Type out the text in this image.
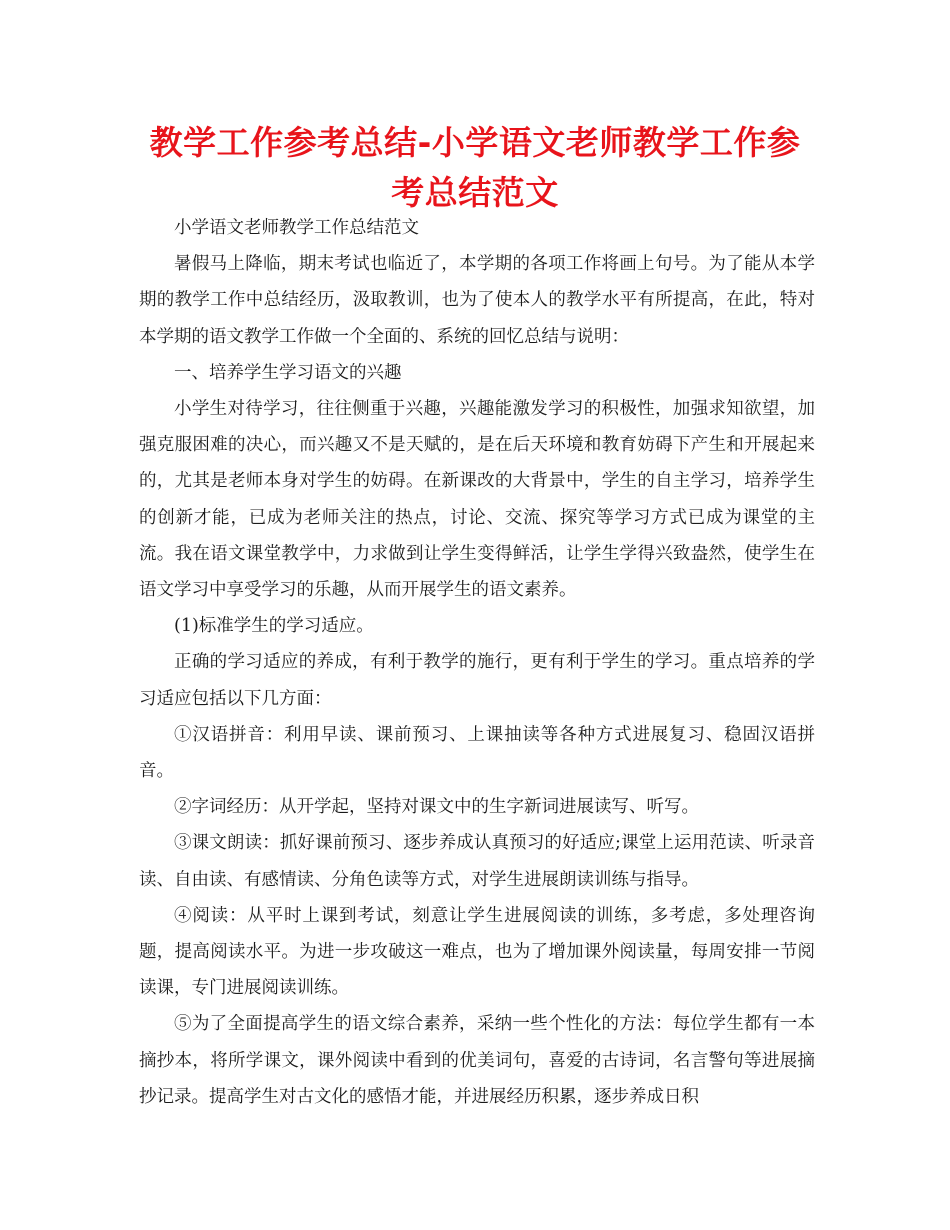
教学工作参考总结-小学语文老师教学工作参考总结范文

小学语文老师教学工作总结范文

暑假马上降临，期末考试也临近了，本学期的各项工作将画上句号。为了能从本学期的教学工作中总结经历，汲取教训，也为了使本人的教学水平有所提高，在此，特对本学期的语文教学工作做一个全面的、系统的回忆总结与说明：

一、培养学生学习语文的兴趣

小学生对待学习，往往侧重于兴趣，兴趣能激发学习的积极性，加强求知欲望，加强克服困难的决心，而兴趣又不是天赋的，是在后天环境和教育妨碍下产生和开展起来的，尤其是老师本身对学生的妨碍。在新课改的大背景中，学生的自主学习，培养学生的创新才能，已成为老师关注的热点，讨论、交流、探究等学习方式已成为课堂的主流。我在语文课堂教学中，力求做到让学生变得鲜活，让学生学得兴致盎然，使学生在语文学习中享受学习的乐趣，从而开展学生的语文素养。

(1)标准学生的学习适应。

正确的学习适应的养成，有利于教学的施行，更有利于学生的学习。重点培养的学习适应包括以下几方面：

①汉语拼音：利用早读、课前预习、上课抽读等各种方式进展复习、稳固汉语拼音。

②字词经历：从开学起，坚持对课文中的生字新词进展读写、听写。

③课文朗读：抓好课前预习、逐步养成认真预习的好适应;课堂上运用范读、听录音读、自由读、有感情读、分角色读等方式，对学生进展朗读训练与指导。

④阅读：从平时上课到考试，刻意让学生进展阅读的训练，多考虑，多处理咨询题，提高阅读水平。为进一步攻破这一难点，也为了增加课外阅读量，每周安排一节阅读课，专门进展阅读训练。

⑤为了全面提高学生的语文综合素养，采纳一些个性化的方法：每位学生都有一本摘抄本，将所学课文，课外阅读中看到的优美词句，喜爱的古诗词，名言警句等进展摘抄记录。提高学生对古文化的感悟才能，并进展经历积累，逐步养成日积
